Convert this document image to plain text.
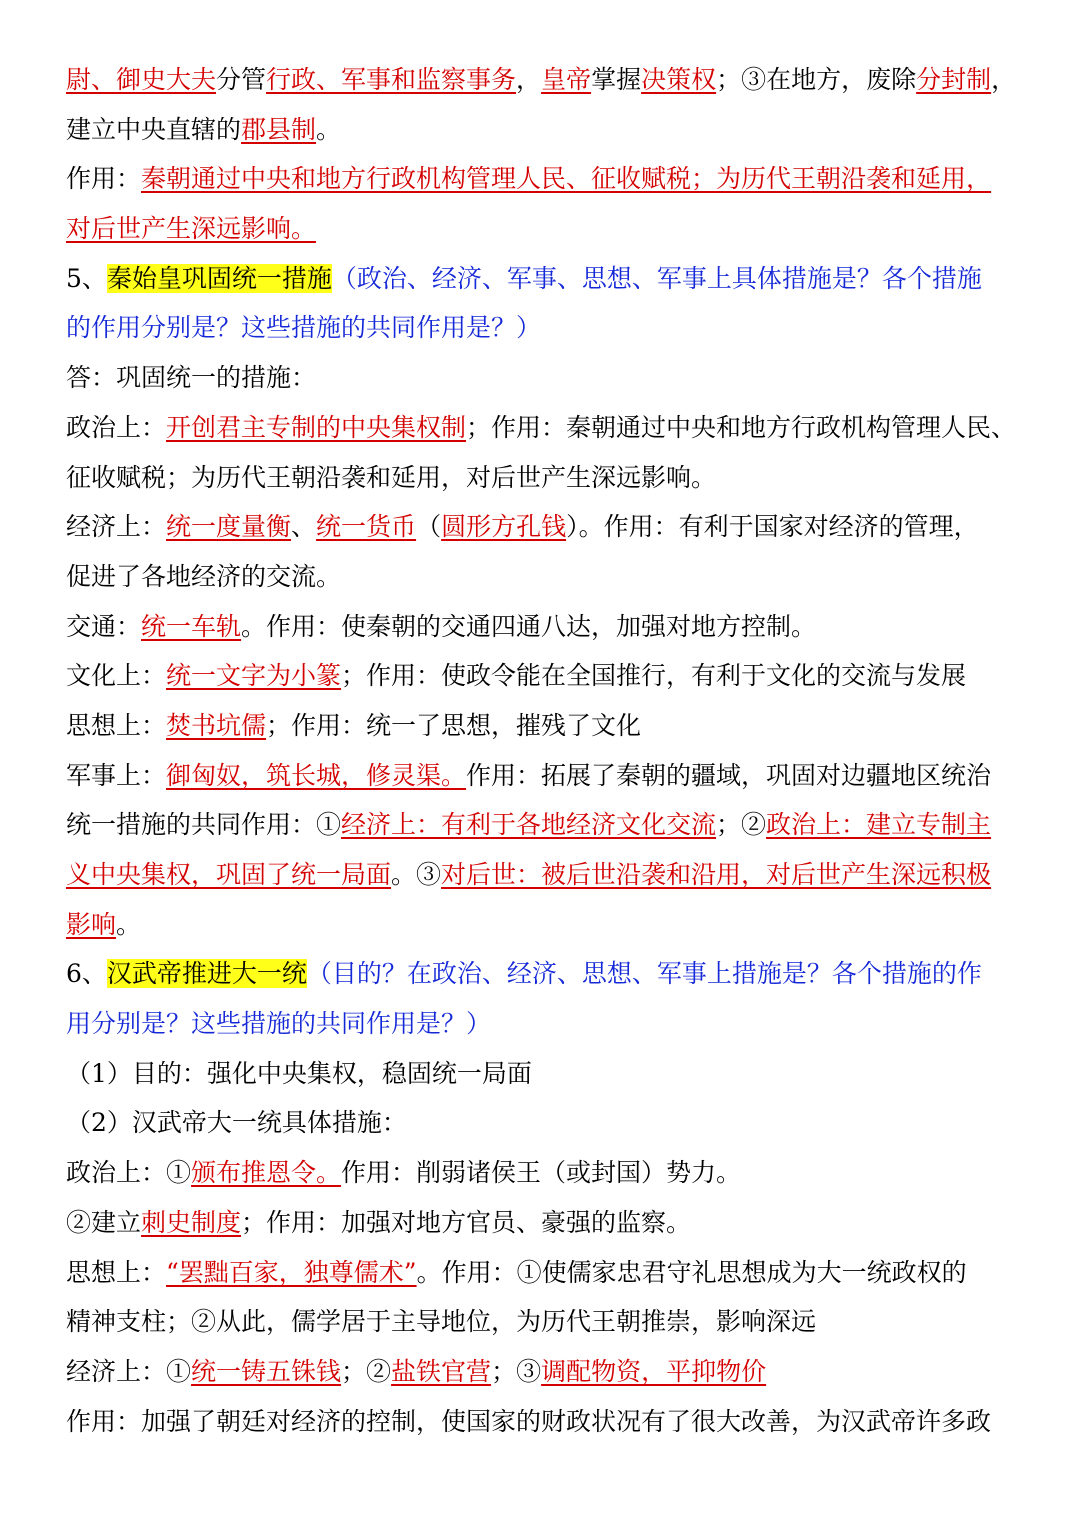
尉、御史大夫分管行政、军事和监察事务，皇帝掌握决策权；③在地方，废除分封制，
建立中央直辖的郡县制。
作用：秦朝通过中央和地方行政机构管理人民、征收赋税；为历代王朝沿袭和延用，
对后世产生深远影响。
5、秦始皇巩固统一措施（政治、经济、军事、思想、军事上具体措施是？各个措施
的作用分别是？这些措施的共同作用是？）
答：巩固统一的措施：
政治上：开创君主专制的中央集权制；作用：秦朝通过中央和地方行政机构管理人民、
征收赋税；为历代王朝沿袭和延用，对后世产生深远影响。
经济上：统一度量衡、统一货币（圆形方孔钱）。作用：有利于国家对经济的管理，
促进了各地经济的交流。
交通：统一车轨。作用：使秦朝的交通四通八达，加强对地方控制。
文化上：统一文字为小篆；作用：使政令能在全国推行，有利于文化的交流与发展
思想上：焚书坑儒；作用：统一了思想，摧残了文化
军事上：御匈奴，筑长城，修灵渠。作用：拓展了秦朝的疆域，巩固对边疆地区统治
统一措施的共同作用：①经济上：有利于各地经济文化交流；②政治上：建立专制主
义中央集权，巩固了统一局面。③对后世：被后世沿袭和沿用，对后世产生深远积极
影响。
6、汉武帝推进大一统（目的？在政治、经济、思想、军事上措施是？各个措施的作
用分别是？这些措施的共同作用是？）
（1）目的：强化中央集权，稳固统一局面
（2）汉武帝大一统具体措施：
政治上：①颁布推恩令。作用：削弱诸侯王（或封国）势力。
②建立刺史制度；作用：加强对地方官员、豪强的监察。
思想上：“罢黜百家，独尊儒术”。作用：①使儒家忠君守礼思想成为大一统政权的
精神支柱；②从此，儒学居于主导地位，为历代王朝推崇，影响深远
经济上：①统一铸五铢钱；②盐铁官营；③调配物资，平抑物价
作用：加强了朝廷对经济的控制，使国家的财政状况有了很大改善，为汉武帝许多政
